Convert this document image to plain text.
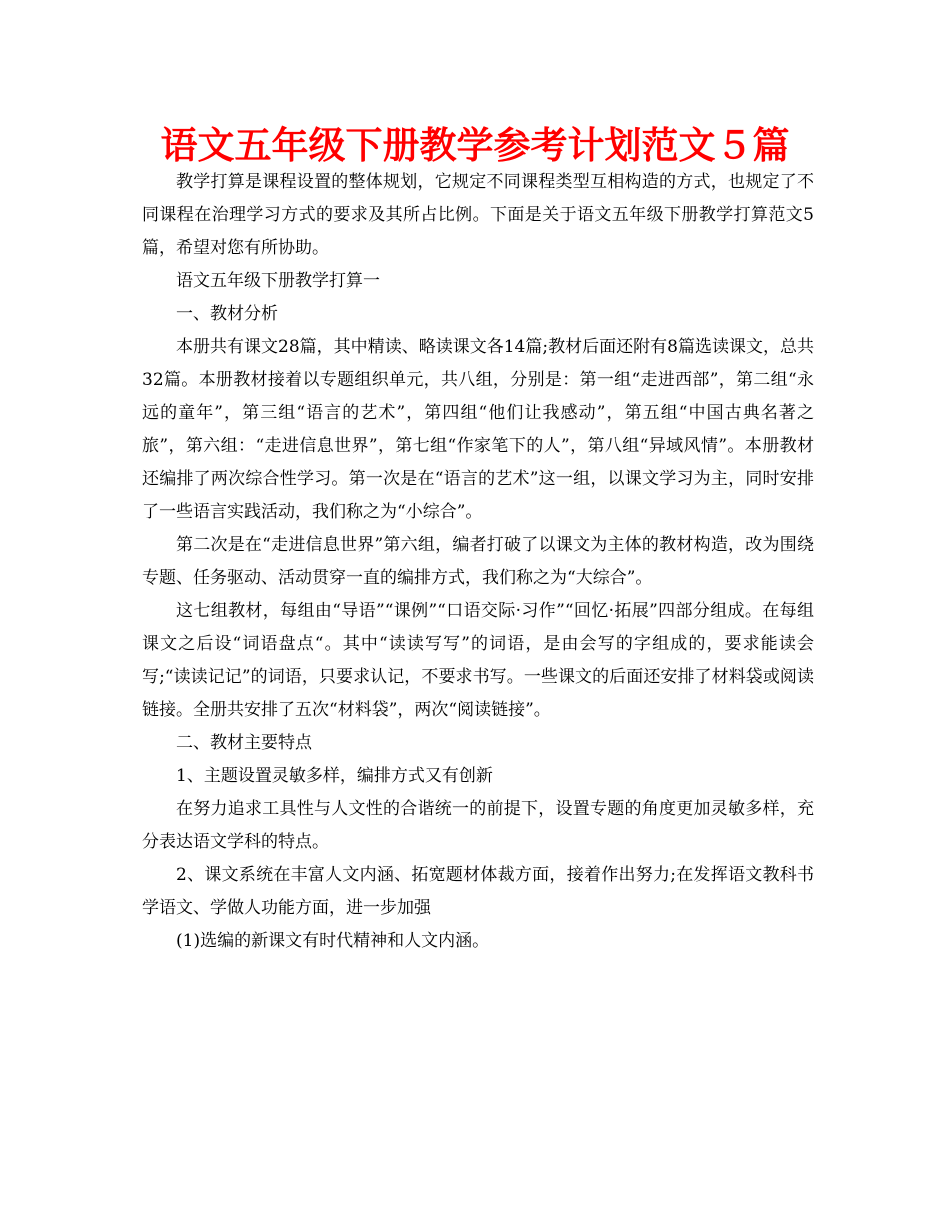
语文五年级下册教学参考计划范文５篇

教学打算是课程设置的整体规划，它规定不同课程类型互相构造的方式，也规定了不同课程在治理学习方式的要求及其所占比例。下面是关于语文五年级下册教学打算范文5篇，希望对您有所协助。

语文五年级下册教学打算一

一、教材分析

本册共有课文28篇，其中精读、略读课文各14篇;教材后面还附有8篇选读课文，总共32篇。本册教材接着以专题组织单元，共八组，分别是：第一组“走进西部”，第二组“永远的童年”，第三组“语言的艺术”，第四组“他们让我感动”，第五组“中国古典名著之旅”，第六组：“走进信息世界”，第七组“作家笔下的人”，第八组“异域风情”。本册教材还编排了两次综合性学习。第一次是在“语言的艺术”这一组，以课文学习为主，同时安排了一些语言实践活动，我们称之为“小综合”。

第二次是在“走进信息世界”第六组，编者打破了以课文为主体的教材构造，改为围绕专题、任务驱动、活动贯穿一直的编排方式，我们称之为“大综合”。

这七组教材，每组由“导语”“课例”“口语交际·习作”“回忆·拓展”四部分组成。在每组课文之后设“词语盘点“。其中“读读写写”的词语，是由会写的字组成的，要求能读会写;“读读记记”的词语，只要求认记，不要求书写。一些课文的后面还安排了材料袋或阅读链接。全册共安排了五次“材料袋”，两次“阅读链接”。

二、教材主要特点

1、主题设置灵敏多样，编排方式又有创新

在努力追求工具性与人文性的合谐统一的前提下，设置专题的角度更加灵敏多样，充分表达语文学科的特点。

2、课文系统在丰富人文内涵、拓宽题材体裁方面，接着作出努力;在发挥语文教科书学语文、学做人功能方面，进一步加强

(1)选编的新课文有时代精神和人文内涵。
